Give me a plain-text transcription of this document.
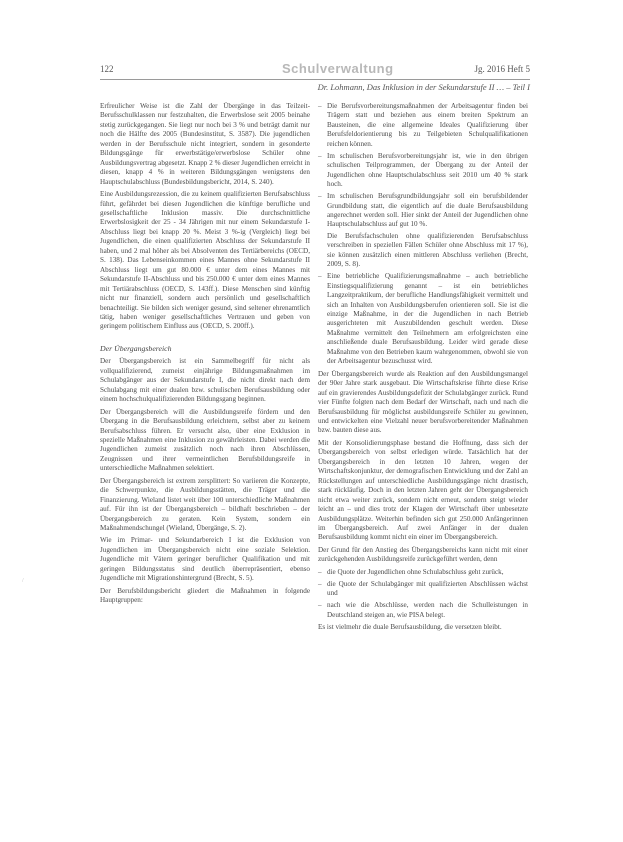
122	Schulverwaltung	Jg. 2016 Heft 5
Dr. Lohmann, Das Inklusion in der Sekundarstufe II … – Teil I

Erfreulicher Weise ist die Zahl der Übergänge in das Teilzeit-Berufsschulklassen nur festzuhalten, die Erwerbslose seit 2005 beinahe stetig zurückgegangen. Sie liegt nur noch bei 3 % und beträgt damit nur noch die Hälfte des 2005 (Bundesinstitut, S. 3587). Die jugendlichen werden in der Berufsschule nicht integriert, sondern in gesonderte Bildungsgänge für erwerbstätige/erwerbslose Schüler ohne Ausbildungsvertrag abgesetzt. Knapp 2 % dieser Jugendlichen erreicht in diesen, knapp 4 % in weiteren Bildungsgängen wenigstens den Hauptschulabschluss (Bundesbildungsbericht, 2014, S. 240).

Eine Ausbildungsrezession, die zu keinem qualifizierten Berufsabschluss führt, gefährdet bei diesen Jugendlichen die künftige berufliche und gesellschaftliche Inklusion massiv. Die durchschnittliche Erwerbslosigkeit der 25 - 34 Jährigen mit nur einem Sekundarstufe I-Abschluss liegt bei knapp 20 %. Meist 3 %-ig (Vergleich) liegt bei Jugendlichen, die einen qualifizierten Abschluss der Sekundarstufe II haben, und 2 mal höher als bei Absolventen des Tertiärbereichs (OECD, S. 138). Das Lebenseinkommen eines Mannes ohne Sekundarstufe II Abschluss liegt um gut 80.000 € unter dem eines Mannes mit Sekundarstufe II-Abschluss und bis 250.000 € unter dem eines Mannes mit Tertiärabschluss (OECD, S. 143ff.). Diese Menschen sind künftig nicht nur finanziell, sondern auch persönlich und gesellschaftlich benachteiligt. Sie bilden sich weniger gesund, sind seltener ehrenamtlich tätig, haben weniger gesellschaftliches Vertrauen und geben von geringem politischem Einfluss aus (OECD, S. 200ff.).

Der Übergangsbereich

Der Übergangsbereich ist ein Sammelbegriff für nicht als vollqualifizierend, zumeist einjährige Bildungsmaßnahmen im Schulabgänger aus der Sekundarstufe I, die nicht direkt nach dem Schulabgang mit einer dualen bzw. schulischen Berufsausbildung oder einem hochschulqualifizierenden Bildungsgang beginnen.

Der Übergangsbereich will die Ausbildungsreife fördern und den Übergang in die Berufsausbildung erleichtern, selbst aber zu keinem Berufsabschluss führen. Er versucht also, über eine Exklusion in spezielle Maßnahmen eine Inklusion zu gewährleisten. Dabei werden die Jugendlichen zumeist zusätzlich noch nach ihren Abschlüssen, Zeugnissen und ihrer vermeintlichen Berufsbildungsreife in unterschiedliche Maßnahmen selektiert.

Der Übergangsbereich ist extrem zersplittert: So variieren die Konzepte, die Schwerpunkte, die Ausbildungsstätten, die Träger und die Finanzierung. Wieland listet weit über 100 unterschiedliche Maßnahmen auf. Für ihn ist der Übergangsbereich – bildhaft beschrieben – der Übergangsbereich zu geraten. Kein System, sondern ein Maßnahmendschungel (Wieland, Übergänge, S. 2).

Wie im Primar- und Sekundarbereich I ist die Exklusion von Jugendlichen im Übergangsbereich nicht eine soziale Selektion. Jugendliche mit Vätern geringer beruflicher Qualifikation und mit geringen Bildungsstatus sind deutlich überrepräsentiert, ebenso Jugendliche mit Migrationshintergrund (Brecht, S. 5).

Der Berufsbildungsbericht gliedert die Maßnahmen in folgende Hauptgruppen:

– Die Berufsvorbereitungsmaßnahmen der Arbeitsagentur finden bei Trägern statt und beziehen aus einem breiten Spektrum an Bausteinen, die eine allgemeine Ideales Qualifizierung über Berufsfeldorientierung bis zu Teilgebieten Schulqualifikationen reichen können.

– Im schulischen Berufsvorbereitungsjahr ist, wie in den übrigen schulischen Teilprogrammen, der Übergang zu der Anteil der Jugendlichen ohne Hauptschulabschluss seit 2010 um 40 % stark hoch.

– Im schulischen Berufsgrundbildungsjahr soll ein berufsbildender Grundbildung statt, die eigentlich auf die duale Berufsausbildung angerechnet werden soll. Hier sinkt der Anteil der Jugendlichen ohne Hauptschulabschluss auf gut 10 %.

Die Berufsfachschulen ohne qualifizierenden Berufsabschluss verschreiben in speziellen Fällen Schüler ohne Abschluss mit 17 %), sie können zusätzlich einen mittleren Abschluss verliehen (Brecht, 2009, S. 8).

– Eine betriebliche Qualifizierungsmaßnahme – auch betriebliche Einstiegsqualifizierung genannt – ist ein betriebliches Langzeitpraktikum, der berufliche Handlungsfähigkeit vermittelt und sich an Inhalten von Ausbildungsberufen orientieren soll. Sie ist die einzige Maßnahme, in der die Jugendlichen in nach Betrieb ausgerichteten mit Auszubildenden geschult werden. Diese Maßnahme vermittelt den Teilnehmern am erfolgreichsten eine anschließende duale Berufsausbildung. Leider wird gerade diese Maßnahme von den Betrieben kaum wahrgenommen, obwohl sie von der Arbeitsagentur bezuschusst wird.

Der Übergangsbereich wurde als Reaktion auf den Ausbildungsmangel der 90er Jahre stark ausgebaut. Die Wirtschaftskrise führte diese Krise auf ein gravierendes Ausbildungsdefizit der Schulabgänger zurück. Rund vier Fünfte folgten nach dem Bedarf der Wirtschaft, nach und nach die Berufsausbildung für möglichst ausbildungsreife Schüler zu gewinnen, und entwickelten eine Vielzahl neuer berufsvorbereitender Maßnahmen bzw. bauten diese aus.

Mit der Konsolidierungsphase bestand die Hoffnung, dass sich der Übergangsbereich von selbst erledigen würde. Tatsächlich hat der Übergangsbereich in den letzten 10 Jahren, wegen der Wirtschaftskonjunktur, der demografischen Entwicklung und der Zahl an Rückstellungen auf unterschiedliche Ausbildungsgänge nicht drastisch, stark rückläufig. Doch in den letzten Jahren geht der Übergangsbereich nicht etwa weiter zurück, sondern nicht erneut, sondern steigt wieder leicht an – und dies trotz der Klagen der Wirtschaft über unbesetzte Ausbildungsplätze. Weiterhin befinden sich gut 250.000 Anfängerinnen im Übergangsbereich. Auf zwei Anfänger in der dualen Berufsausbildung kommt nicht ein einer im Übergangsbereich.

Der Grund für den Anstieg des Übergangsbereichs kann nicht mit einer zurückgehenden Ausbildungsreife zurückgeführt werden, denn

– die Quote der Jugendlichen ohne Schulabschluss geht zurück,
– die Quote der Schulabgänger mit qualifizierten Abschlüssen wächst und
– nach wie die Abschlüsse, werden nach die Schulleistungen in Deutschland steigen an, wie PISA belegt.

Es ist vielmehr die duale Berufsausbildung, die versetzen bleibt.

/
